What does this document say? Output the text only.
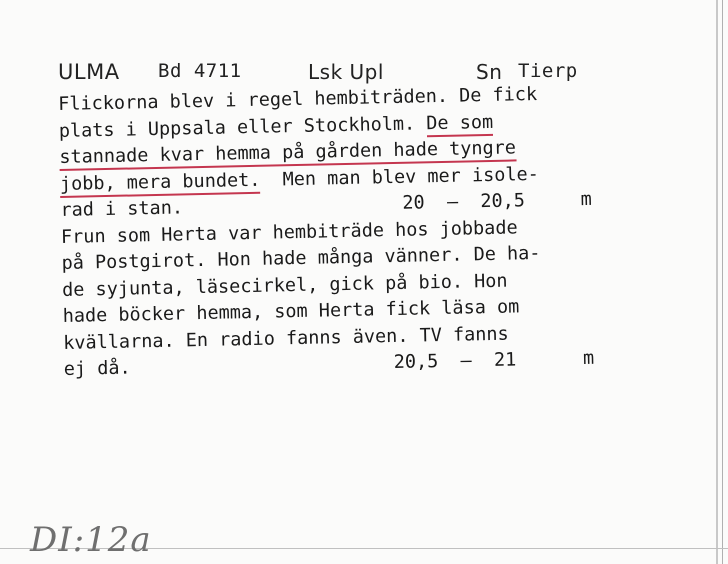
ULMA Bd 4711	Lsk Upl	Sn Tierp
Flickorna blev i regel hembiträden. De fick
plats i Uppsala eller Stockholm. De som
stannade kvar hemma på gården hade tyngre
jobb, mera bundet. Men man blev mer isole-
rad i stan.	20  –  20,5     m
Frun som Herta var hembiträde hos jobbade
på Postgirot. Hon hade många vänner. De ha-
de syjunta, läsecirkel, gick på bio. Hon
hade böcker hemma, som Herta fick läsa om
kvällarna. En radio fanns även. TV fanns
ej då.	20,5  –  21      m
DI:12a
